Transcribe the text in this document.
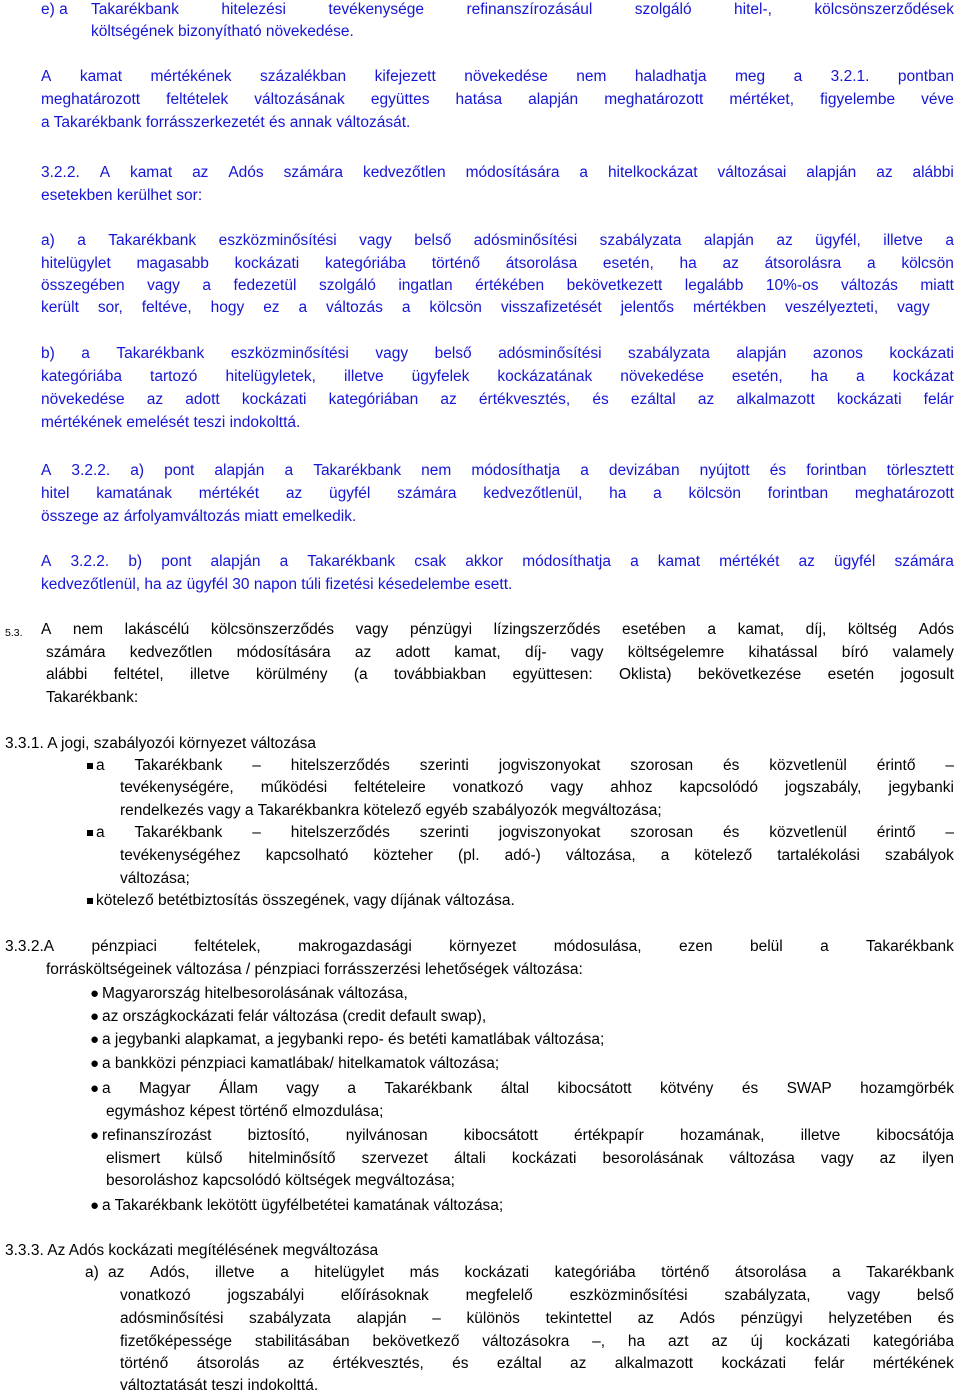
e) a Takarékbank	hitelezési	tevékenysége	refinanszírozásául	szolgáló	hitel-,	kölcsönszerződések
költségének bizonyítható növekedése.
A kamat mértékének százalékban kifejezett növekedése nem haladhatja meg a 3.2.1. pontban
meghatározott feltételek változásának együttes hatása alapján meghatározott mértéket, figyelembe véve
a Takarékbank forrásszerkezetét és annak változását.
3.2.2. A kamat az Adós számára kedvezőtlen módosítására a hitelkockázat változásai alapján az alábbi
esetekben kerülhet sor:
a) a Takarékbank eszközminősítési vagy belső adósminősítési szabályzata alapján az ügyfél, illetve a
hitelügylet magasabb kockázati kategóriába történő átsorolása esetén, ha az átsorolásra a kölcsön
összegében vagy a fedezetül szolgáló ingatlan értékében bekövetkezett legalább 10%-os változás miatt
került sor, feltéve, hogy ez a változás a kölcsön visszafizetését jelentős mértékben veszélyezteti, vagy
b) a Takarékbank eszközminősítési vagy belső adósminősítési szabályzata alapján azonos kockázati
kategóriába tartozó hitelügyletek, illetve ügyfelek kockázatának növekedése esetén, ha a kockázat
növekedése az adott kockázati kategóriában az értékvesztés, és ezáltal az alkalmazott kockázati felár
mértékének emelését teszi indokolttá.
A 3.2.2. a) pont alapján a Takarékbank nem módosíthatja a devizában nyújtott és forintban törlesztett
hitel kamatának mértékét az ügyfél számára kedvezőtlenül, ha a kölcsön forintban meghatározott
összege az árfolyamváltozás miatt emelkedik.
A 3.2.2. b) pont alapján a Takarékbank csak akkor módosíthatja a kamat mértékét az ügyfél számára
kedvezőtlenül, ha az ügyfél 30 napon túli fizetési késedelembe esett.
5.3. A nem lakáscélú kölcsönszerződés vagy pénzügyi lízingszerződés esetében a kamat, díj, költség Adós
számára kedvezőtlen módosítására az adott kamat, díj- vagy költségelemre kihatással bíró valamely
alábbi feltétel, illetve körülmény (a továbbiakban együttesen: Oklista) bekövetkezése esetén jogosult
Takarékbank:
3.3.1. A jogi, szabályozói környezet változása
a Takarékbank – hitelszerződés szerinti jogviszonyokat szorosan és közvetlenül érintő –
tevékenységére, működési feltételeire vonatkozó vagy ahhoz kapcsolódó jogszabály, jegybanki
rendelkezés vagy a Takarékbankra kötelező egyéb szabályozók megváltozása;
a Takarékbank – hitelszerződés szerinti jogviszonyokat szorosan és közvetlenül érintő –
tevékenységéhez kapcsolható közteher (pl. adó-) változása, a kötelező tartalékolási szabályok
változása;
kötelező betétbiztosítás összegének, vagy díjának változása.
3.3.2.A pénzpiaci feltételek, makrogazdasági környezet módosulása, ezen belül a Takarékbank
forrásköltségeinek változása / pénzpiaci forrásszerzési lehetőségek változása:
● Magyarország hitelbesorolásának változása,
● az országkockázati felár változása (credit default swap),
● a jegybanki alapkamat, a jegybanki repo- és betéti kamatlábak változása;
● a bankközi pénzpiaci kamatlábak/ hitelkamatok változása;
● a Magyar Állam vagy a Takarékbank által kibocsátott kötvény és SWAP hozamgörbék
egymáshoz képest történő elmozdulása;
● refinanszírozást biztosító, nyilvánosan kibocsátott értékpapír hozamának, illetve kibocsátója
elismert külső hitelminősítő szervezet általi kockázati besorolásának változása vagy az ilyen
besoroláshoz kapcsolódó költségek megváltozása;
● a Takarékbank lekötött ügyfélbetétei kamatának változása;
3.3.3. Az Adós kockázati megítélésének megváltozása
a) az Adós, illetve a hitelügylet más kockázati kategóriába történő átsorolása a Takarékbank
vonatkozó jogszabályi előírásoknak megfelelő eszközminősítési szabályzata, vagy belső
adósminősítési szabályzata alapján – különös tekintettel az Adós pénzügyi helyzetében és
fizetőképessége stabilitásában bekövetkező változásokra –, ha azt az új kockázati kategóriába
történő átsorolás az értékvesztés, és ezáltal az alkalmazott kockázati felár mértékének
változtatását teszi indokolttá.
